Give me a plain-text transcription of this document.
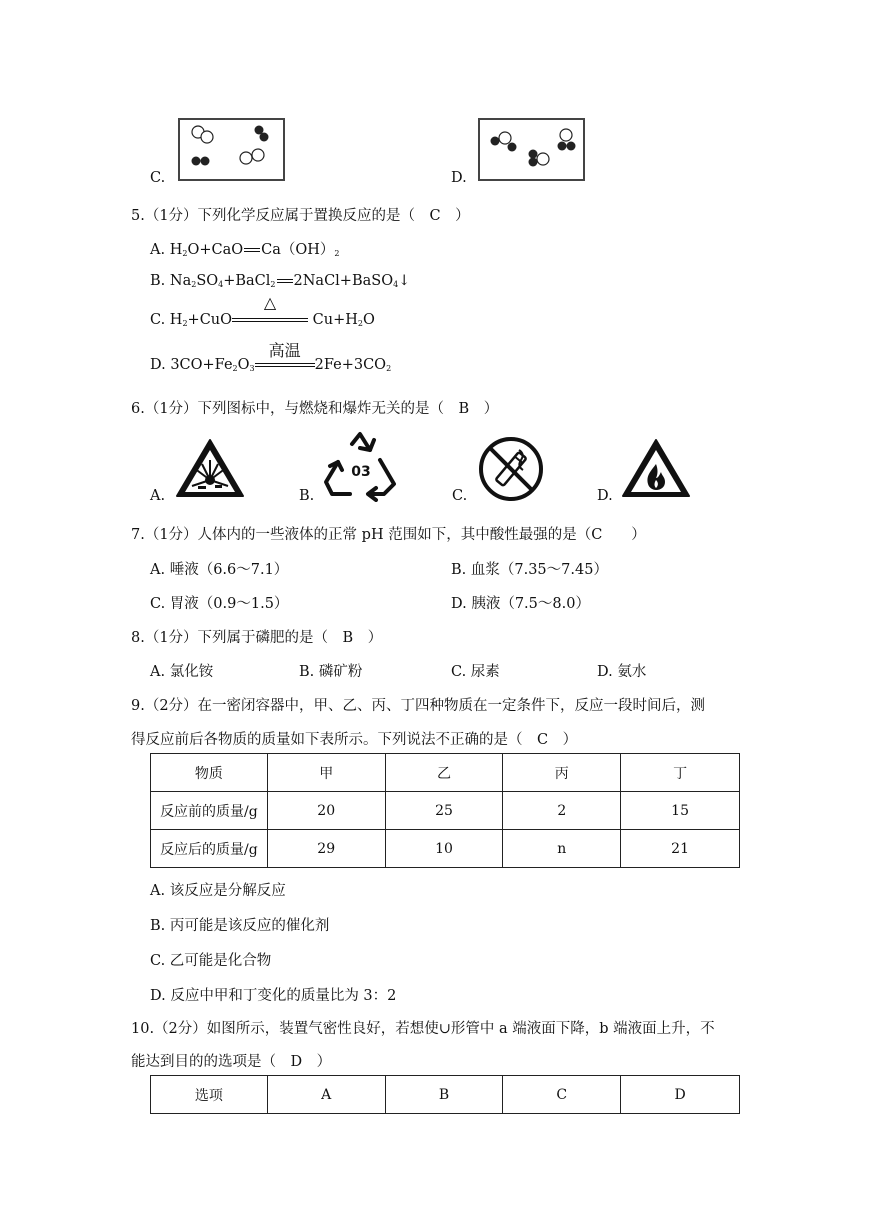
C.	D.
5.（1分）下列化学反应属于置换反应的是（　C　）
A. $H_2O+CaO$ $Ca(OH)_2$
B. $Na_2SO_4+BaCl_2$ 2NaCl+BaSO$_4$↓
C. $H_2+CuO$
△
$Cu+H_2O$
D. $3CO+Fe_2O_3$
高温
$2Fe+3CO_2$
6.（1分）下列图标中，与燃烧和爆炸无关的是（　B　）
A.	B.
03
C.	D.
7.（1分）人体内的一些液体的正常 pH 范围如下，其中酸性最强的是（C　　）
A. 唾液（6.6～7.1）	B. 血浆（7.35～7.45）
C. 胃液（0.9～1.5）	D. 胰液（7.5～8.0）
8.（1分）下列属于磷肥的是（　B　）
A. 氯化铵	B. 磷矿粉	C. 尿素	D. 氨水
9.（2分）在一密闭容器中，甲、乙、丙、丁四种物质在一定条件下，反应一段时间后，测
得反应前后各物质的质量如下表所示。下列说法不正确的是（　C　）
物质	甲	乙	丙	丁
反应前的质量/g	20	25	2	15
反应后的质量/g	29	10	n	21
A. 该反应是分解反应
B. 丙可能是该反应的催化剂
C. 乙可能是化合物
D. 反应中甲和丁变化的质量比为 3：2
10.（2分）如图所示，装置气密性良好，若想使∪形管中 a 端液面下降，b 端液面上升，不
能达到目的的选项是（　D　）
选项	A	B	C	D
